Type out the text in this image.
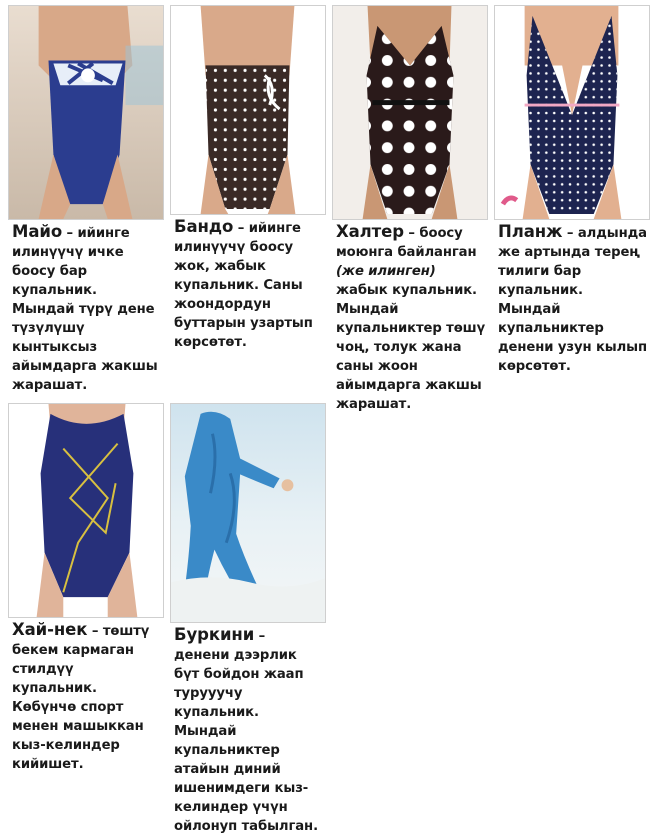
Майо – ийинге илинүүчү ичке боосу бар купальник. Мындай түрү дене түзүлүшү кынтыксыз айымдарга жакшы жарашат.
Бандо – ийинге илинүүчү боосу жок, жабык купальник. Саны жоондордун буттарын узартып көрсөтөт.
Халтер – боосу моюнга байланган (же илинген) жабык купальник. Мындай купальниктер төшү чоң, толук жана саны жоон айымдарга жакшы жарашат.
Планж – алдында же артында терең тилиги бар купальник. Мындай купальниктер денени узун кылып көрсөтөт.
Хай-нек – төштү бекем кармаган стилдүү купальник. Көбүнчө спорт менен машыккан кыз-келиндер кийишет.
Буркини – денени дээрлик бүт бойдон жаап турууучу купальник. Мындай купальниктер атайын диний ишенимдеги кыз-келиндер үчүн ойлонуп табылган.
